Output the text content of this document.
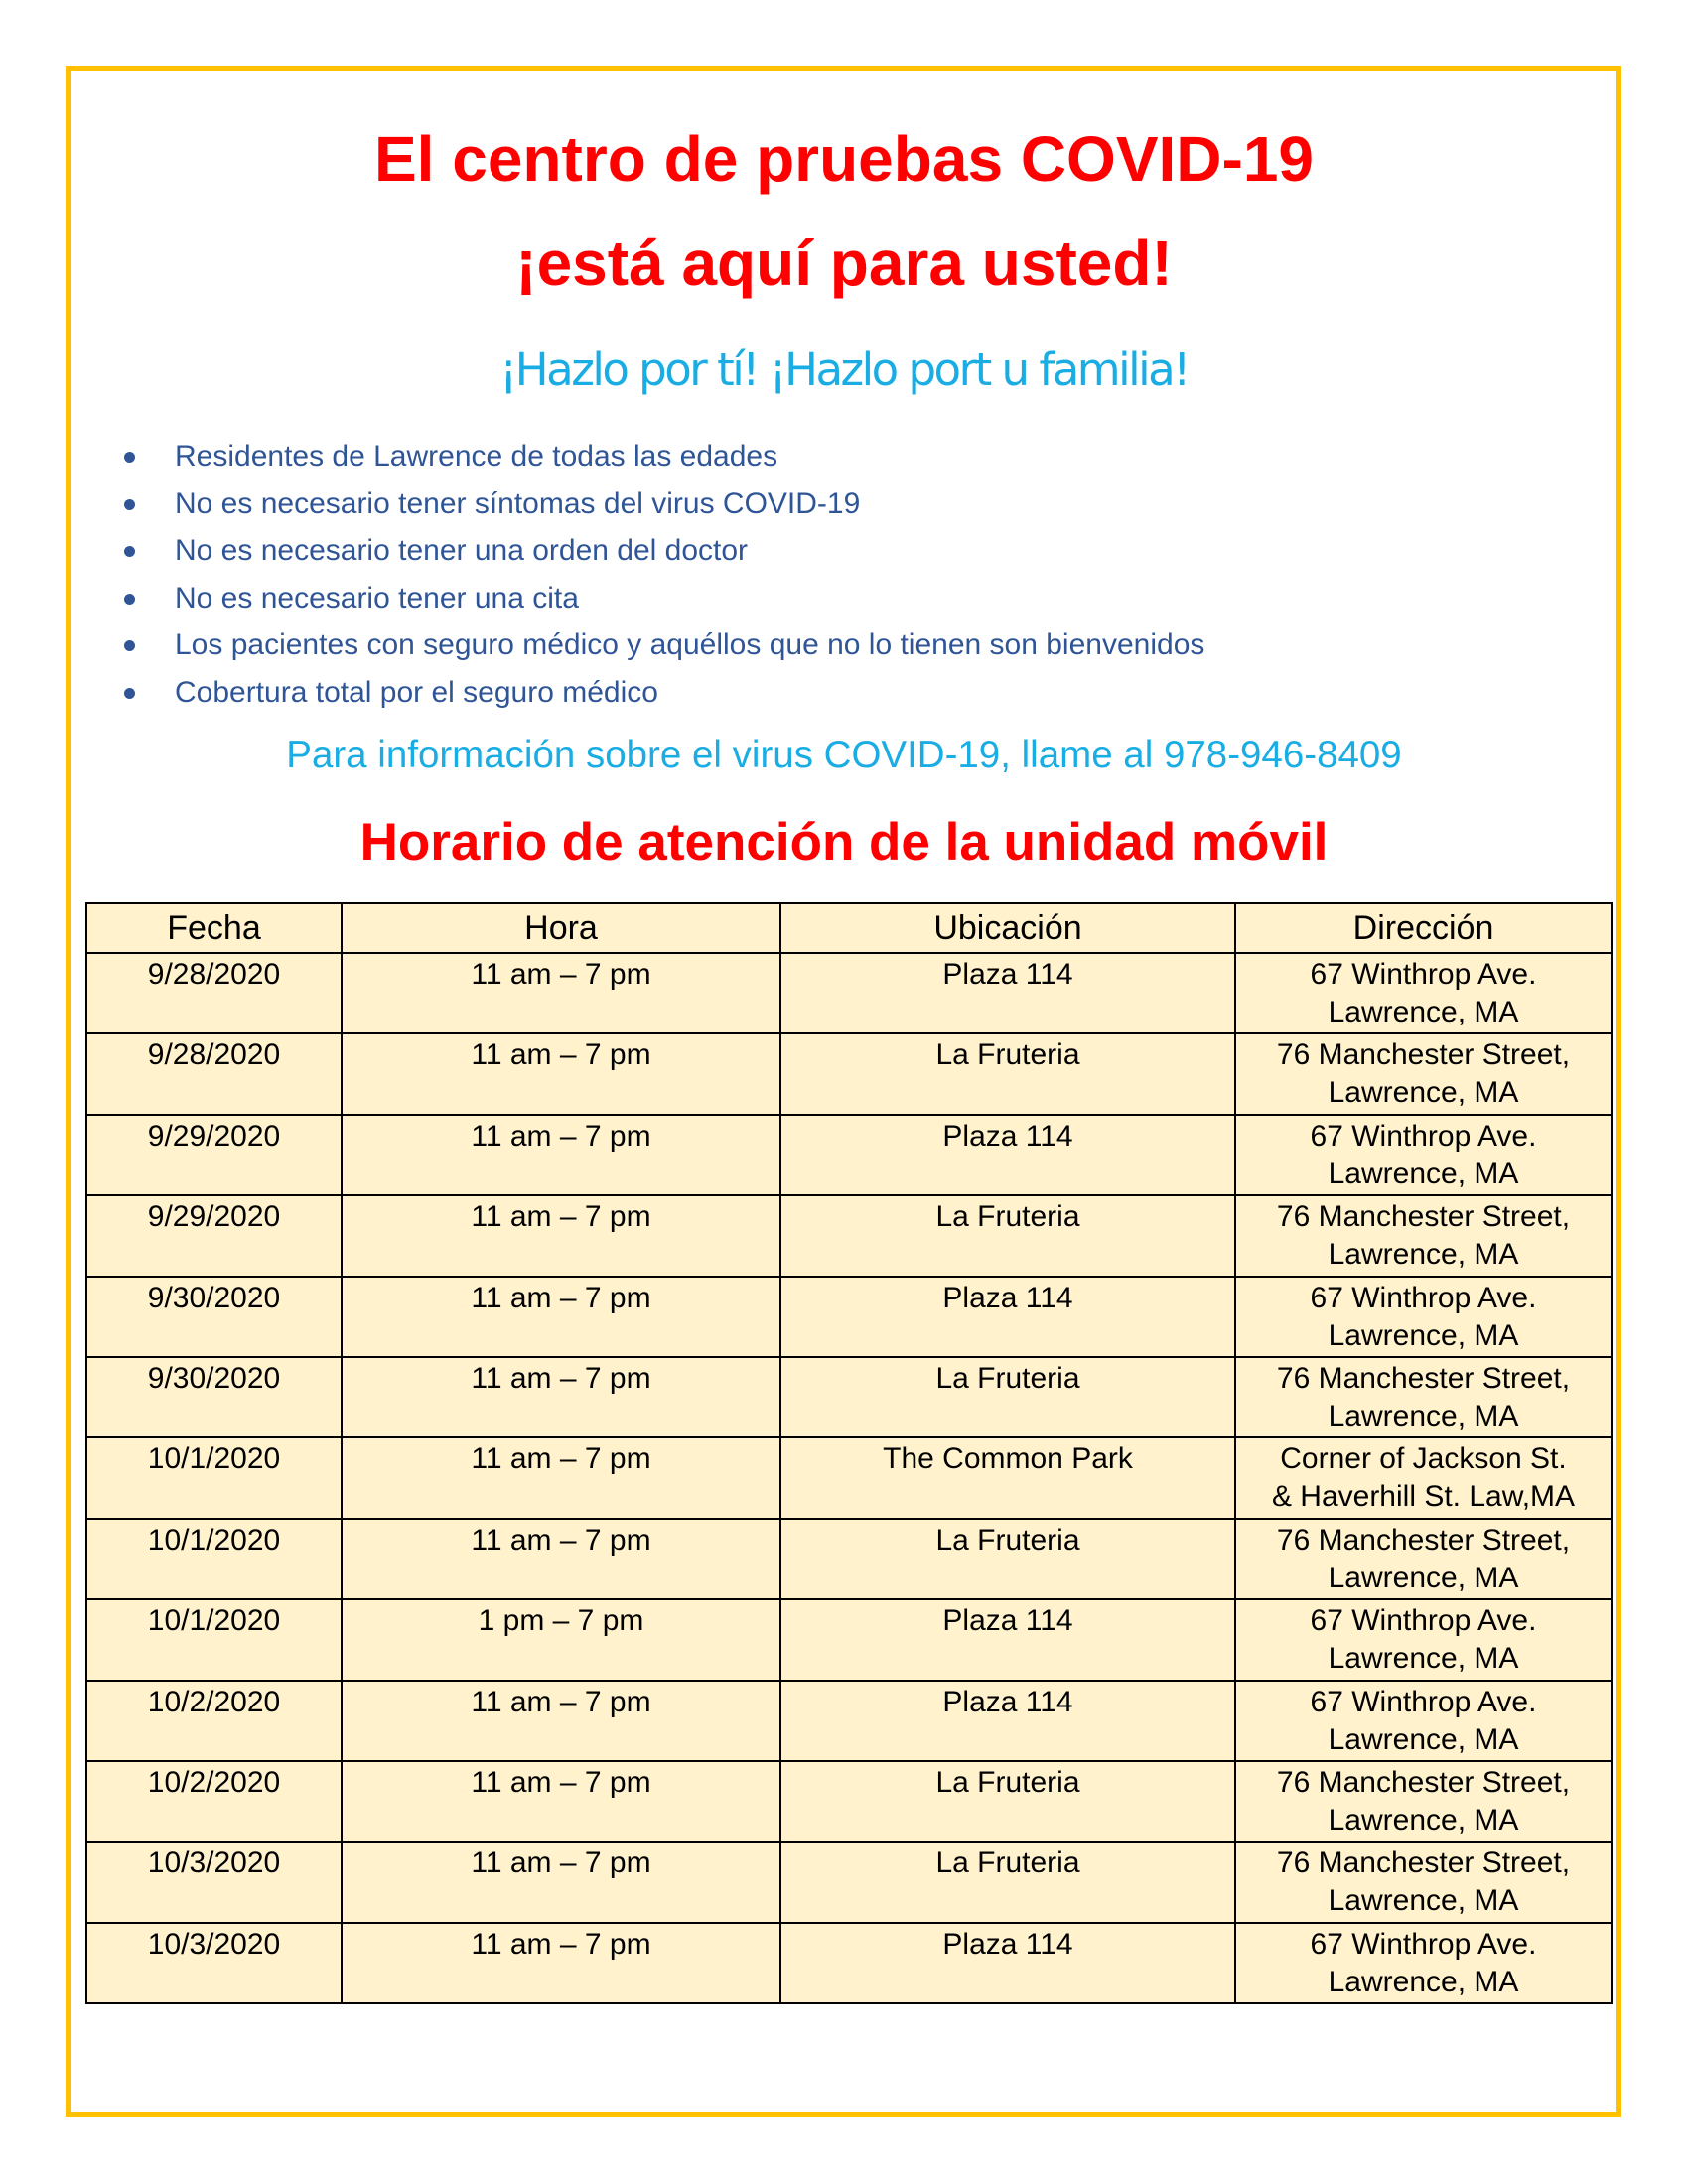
El centro de pruebas COVID-19
¡está aquí para usted!

¡Hazlo por tí! ¡Hazlo port u familia!

Residentes de Lawrence de todas las edades
No es necesario tener síntomas del virus COVID-19
No es necesario tener una orden del doctor
No es necesario tener una cita
Los pacientes con seguro médico y aquéllos que no lo tienen son bienvenidos
Cobertura total por el seguro médico

Para información sobre el virus COVID-19, llame al 978-946-8409

Horario de atención de la unidad móvil
Fecha	Hora	Ubicación	Dirección
9/28/2020	11 am – 7 pm	Plaza 114	67 Winthrop Ave.
Lawrence, MA

9/28/2020	11 am – 7 pm	La Fruteria	76 Manchester Street,
Lawrence, MA

9/29/2020	11 am – 7 pm	Plaza 114	67 Winthrop Ave.
Lawrence, MA

9/29/2020	11 am – 7 pm	La Fruteria	76 Manchester Street,
Lawrence, MA

9/30/2020	11 am – 7 pm	Plaza 114	67 Winthrop Ave.
Lawrence, MA

9/30/2020	11 am – 7 pm	La Fruteria	76 Manchester Street,
Lawrence, MA

10/1/2020	11 am – 7 pm	The Common Park	Corner of Jackson St.
& Haverhill St. Law,MA

10/1/2020	11 am – 7 pm	La Fruteria	76 Manchester Street,
Lawrence, MA

10/1/2020	1 pm – 7 pm	Plaza 114	67 Winthrop Ave.
Lawrence, MA

10/2/2020	11 am – 7 pm	Plaza 114	67 Winthrop Ave.
Lawrence, MA

10/2/2020	11 am – 7 pm	La Fruteria	76 Manchester Street,
Lawrence, MA

10/3/2020	11 am – 7 pm	La Fruteria	76 Manchester Street,
Lawrence, MA

10/3/2020	11 am – 7 pm	Plaza 114	67 Winthrop Ave.
Lawrence, MA
